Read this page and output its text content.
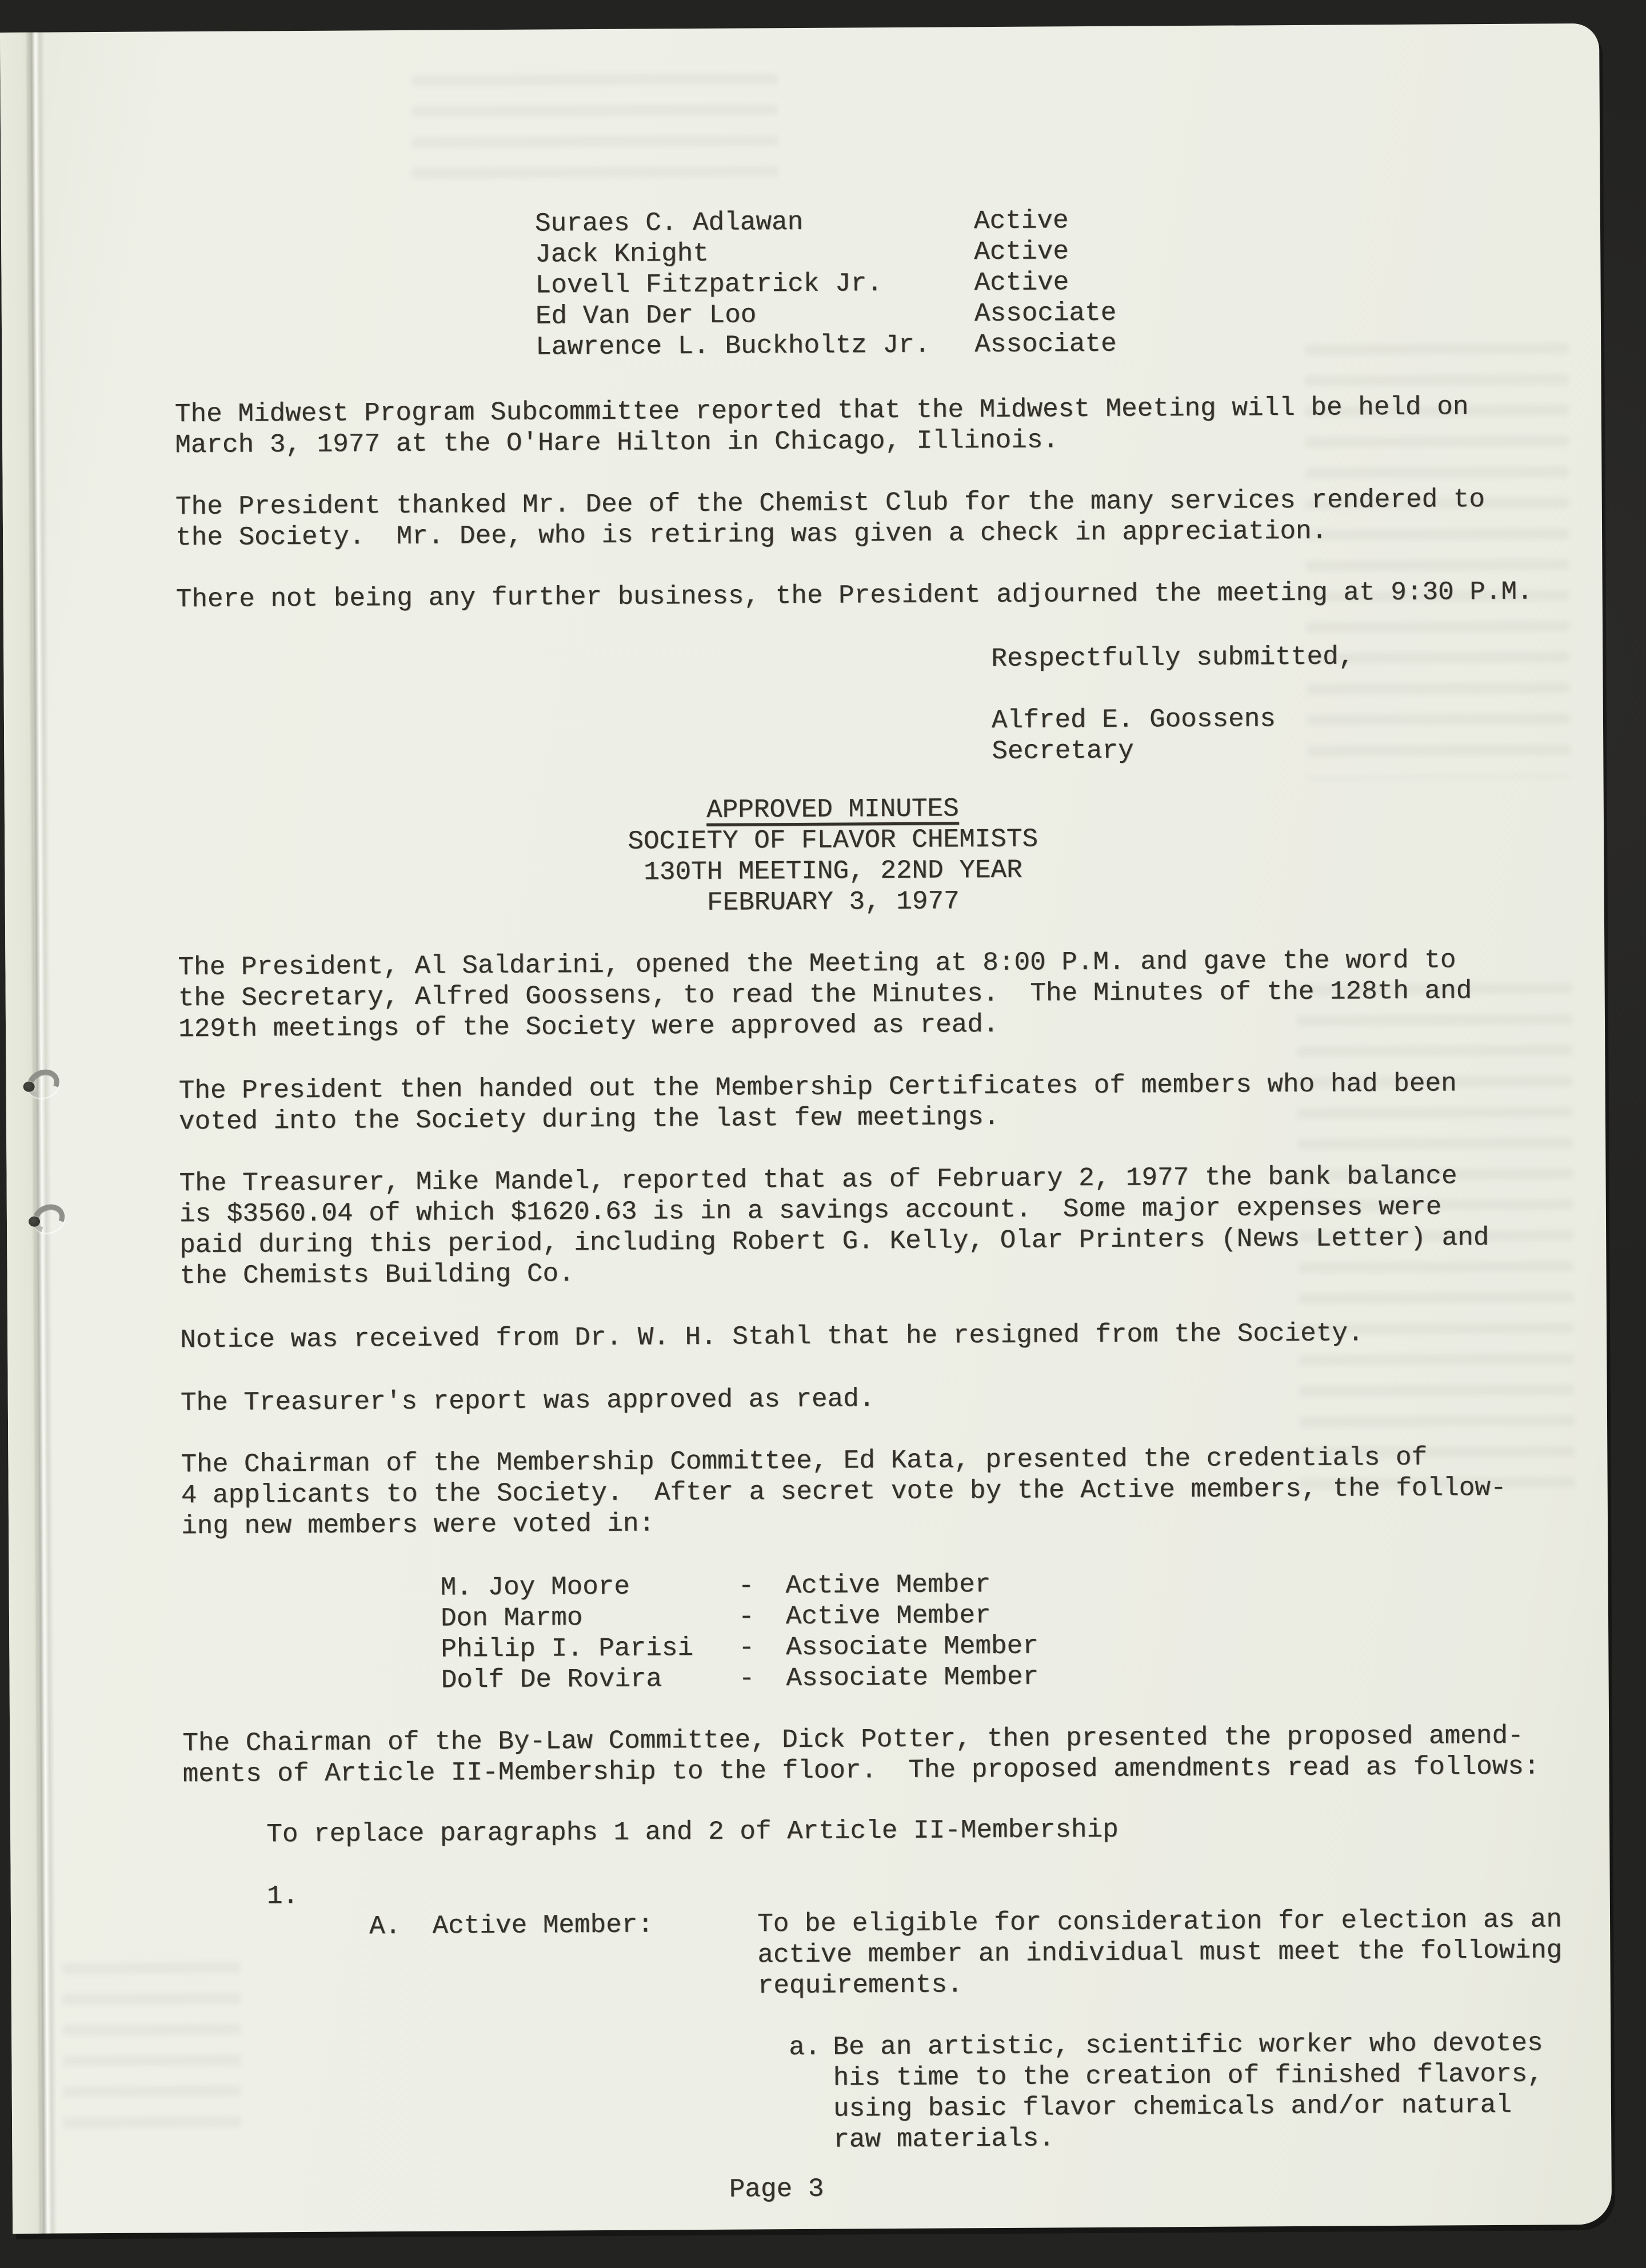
Suraes C. Adlawan
Jack Knight
Lovell Fitzpatrick Jr.
Ed Van Der Loo
Lawrence L. Buckholtz Jr.
Active
Active
Active
Associate
Associate
The Midwest Program Subcommittee reported that the Midwest Meeting will be held on
March 3, 1977 at the O'Hare Hilton in Chicago, Illinois.
The President thanked Mr. Dee of the Chemist Club for the many services rendered to
the Society.  Mr. Dee, who is retiring was given a check in appreciation.
There not being any further business, the President adjourned the meeting at 9:30 P.M.
Respectfully submitted,
Alfred E. Goossens
Secretary
APPROVED MINUTES
SOCIETY OF FLAVOR CHEMISTS
130TH MEETING, 22ND YEAR
FEBRUARY 3, 1977
The President, Al Saldarini, opened the Meeting at 8:00 P.M. and gave the word to
the Secretary, Alfred Goossens, to read the Minutes.  The Minutes of the 128th and
129th meetings of the Society were approved as read.
The President then handed out the Membership Certificates of members who had been
voted into the Society during the last few meetings.
The Treasurer, Mike Mandel, reported that as of February 2, 1977 the bank balance
is $3560.04 of which $1620.63 is in a savings account.  Some major expenses were
paid during this period, including Robert G. Kelly, Olar Printers (News Letter) and
the Chemists Building Co.
Notice was received from Dr. W. H. Stahl that he resigned from the Society.
The Treasurer's report was approved as read.
The Chairman of the Membership Committee, Ed Kata, presented the credentials of
4 applicants to the Society.  After a secret vote by the Active members, the follow-
ing new members were voted in:
M. Joy Moore
Don Marmo
Philip I. Parisi
Dolf De Rovira
-  Active Member
-  Active Member
-  Associate Member
-  Associate Member
The Chairman of the By-Law Committee, Dick Potter, then presented the proposed amend-
ments of Article II-Membership to the floor.  The proposed amendments read as follows:
To replace paragraphs 1 and 2 of Article II-Membership
1.
A.  Active Member:	To be eligible for consideration for election as an
active member an individual must meet the following
requirements.
a. Be an artistic, scientific worker who devotes
his time to the creation of finished flavors,
using basic flavor chemicals and/or natural
raw materials.
Page 3
